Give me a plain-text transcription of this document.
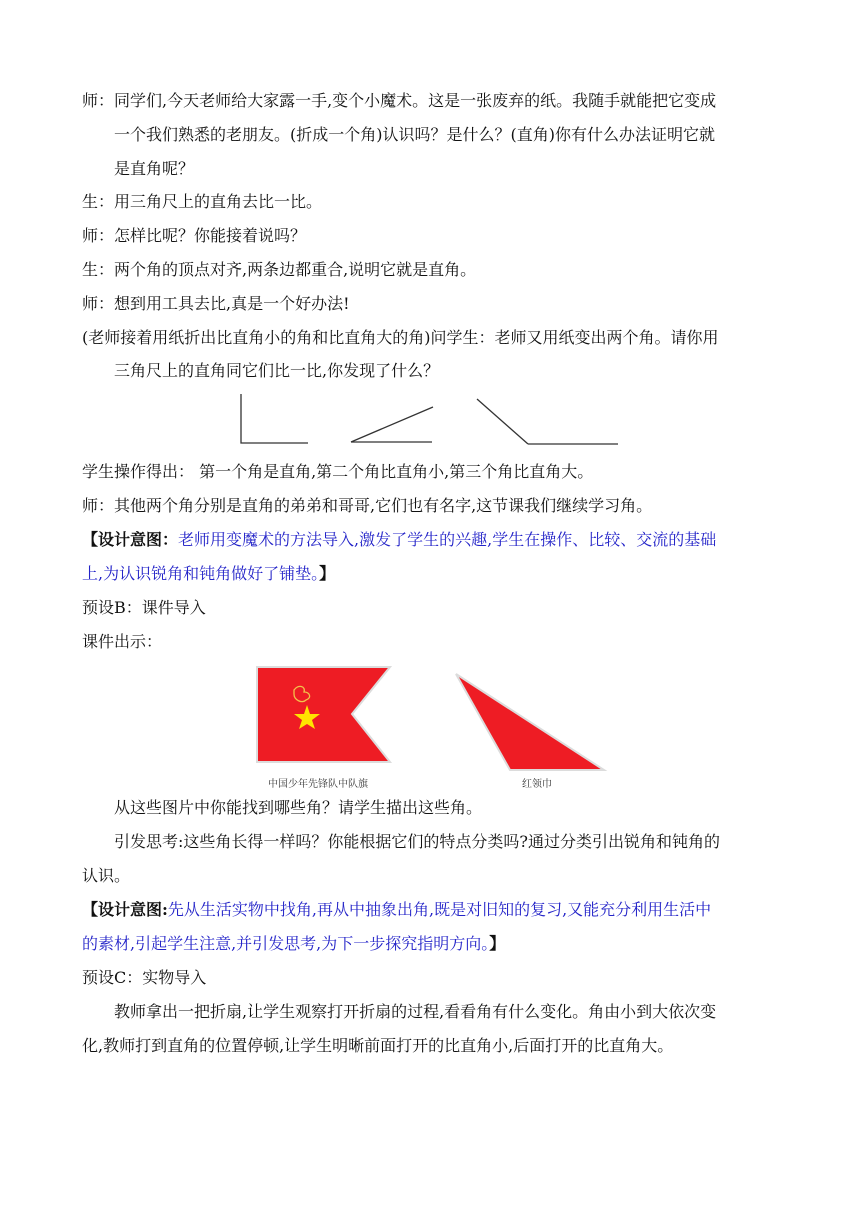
师：同学们,今天老师给大家露一手,变个小魔术。这是一张废弃的纸。我随手就能把它变成
一个我们熟悉的老朋友。(折成一个角)认识吗？是什么？(直角)你有什么办法证明它就
是直角呢？
生：用三角尺上的直角去比一比。
师：怎样比呢？你能接着说吗？
生：两个角的顶点对齐,两条边都重合,说明它就是直角。
师：想到用工具去比,真是一个好办法!
(老师接着用纸折出比直角小的角和比直角大的角)问学生：老师又用纸变出两个角。请你用
三角尺上的直角同它们比一比,你发现了什么？
学生操作得出： 第一个角是直角,第二个角比直角小,第三个角比直角大。
师：其他两个角分别是直角的弟弟和哥哥,它们也有名字,这节课我们继续学习角。
【设计意图：老师用变魔术的方法导入,激发了学生的兴趣,学生在操作、比较、交流的基础
上,为认识锐角和钝角做好了铺垫。】
预设B：课件导入
课件出示：
中国少年先锋队中队旗	红领巾
从这些图片中你能找到哪些角？请学生描出这些角。
引发思考:这些角长得一样吗？你能根据它们的特点分类吗?通过分类引出锐角和钝角的
认识。
【设计意图:先从生活实物中找角,再从中抽象出角,既是对旧知的复习,又能充分利用生活中
的素材,引起学生注意,并引发思考,为下一步探究指明方向。】
预设C：实物导入
教师拿出一把折扇,让学生观察打开折扇的过程,看看角有什么变化。角由小到大依次变
化,教师打到直角的位置停顿,让学生明晰前面打开的比直角小,后面打开的比直角大。
